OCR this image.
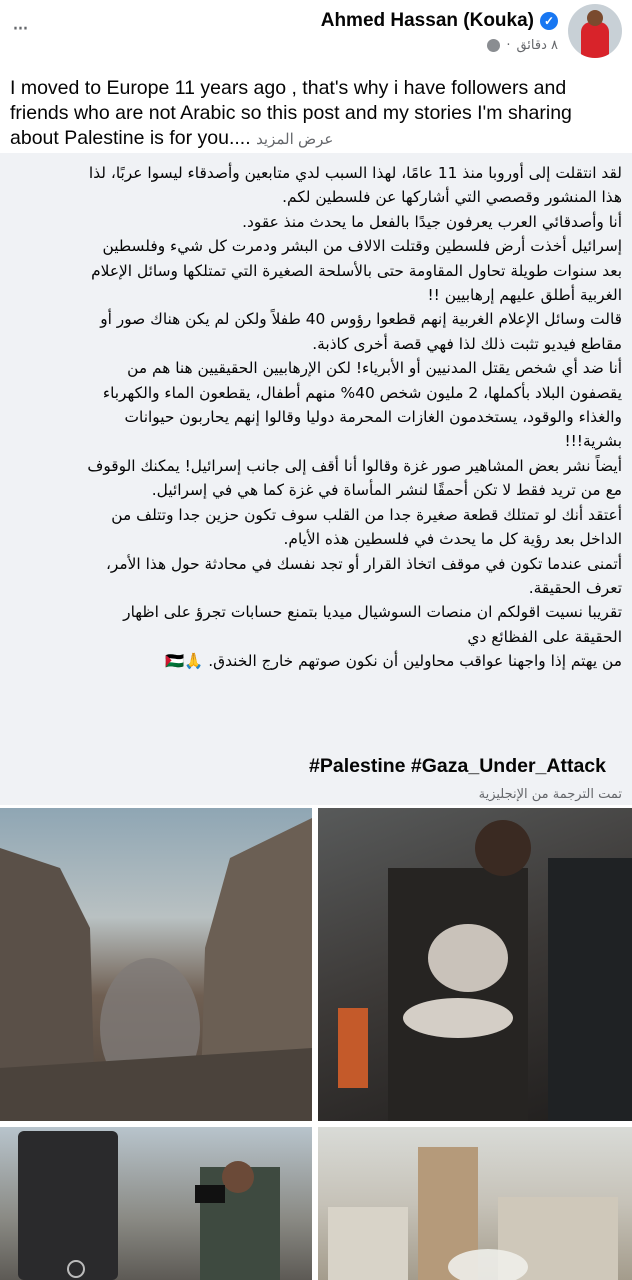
···	Ahmed Hassan (Kouka) ✓
· ٨ دقائق
I moved to Europe 11 years ago , that's why i have followers and friends who are not Arabic so this post and my stories I'm sharing about Palestine is for you.... عرض المزيد
لقد انتقلت إلى أوروبا منذ 11 عامًا، لهذا السبب لدي متابعين وأصدقاء ليسوا عربًا، لذا
هذا المنشور وقصصي التي أشاركها عن فلسطين لكم.
أنا وأصدقائي العرب يعرفون جيدًا بالفعل ما يحدث منذ عقود.
إسرائيل أخذت أرض فلسطين وقتلت الالاف من البشر ودمرت كل شيء وفلسطين
بعد سنوات طويلة تحاول المقاومة حتى بالأسلحة الصغيرة التي تمتلكها وسائل الإعلام
الغربية أطلق عليهم إرهابيين !!
قالت وسائل الإعلام الغربية إنهم قطعوا رؤوس 40 طفلاً ولكن لم يكن هناك صور أو
مقاطع فيديو تثبت ذلك لذا فهي قصة أخرى كاذبة.
أنا ضد أي شخص يقتل المدنيين أو الأبرياء! لكن الإرهابيين الحقيقيين هنا هم من
يقصفون البلاد بأكملها، 2 مليون شخص 40% منهم أطفال، يقطعون الماء والكهرباء
والغذاء والوقود، يستخدمون الغازات المحرمة دوليا وقالوا إنهم يحاربون حيوانات
بشرية!!!
أيضاً نشر بعض المشاهير صور غزة وقالوا أنا أقف إلى جانب إسرائيل! يمكنك الوقوف
مع من تريد فقط لا تكن أحمقًا لنشر المأساة في غزة كما هي في إسرائيل.
أعتقد أنك لو تمتلك قطعة صغيرة جدا من القلب سوف تكون حزين جدا وتتلف من
الداخل بعد رؤية كل ما يحدث في فلسطين هذه الأيام.
أتمنى عندما تكون في موقف اتخاذ القرار أو تجد نفسك في محادثة حول هذا الأمر،
تعرف الحقيقة.
تقريبا نسيت اقولكم ان منصات السوشيال ميديا بتمنع حسابات تجرؤ على اظهار
الحقيقة على الفظائع دي
من يهتم إذا واجهنا عواقب محاولين أن نكون صوتهم خارج الخندق. 🙏🇵🇸
#Palestine #Gaza_Under_Attack
تمت الترجمة من الإنجليزية
